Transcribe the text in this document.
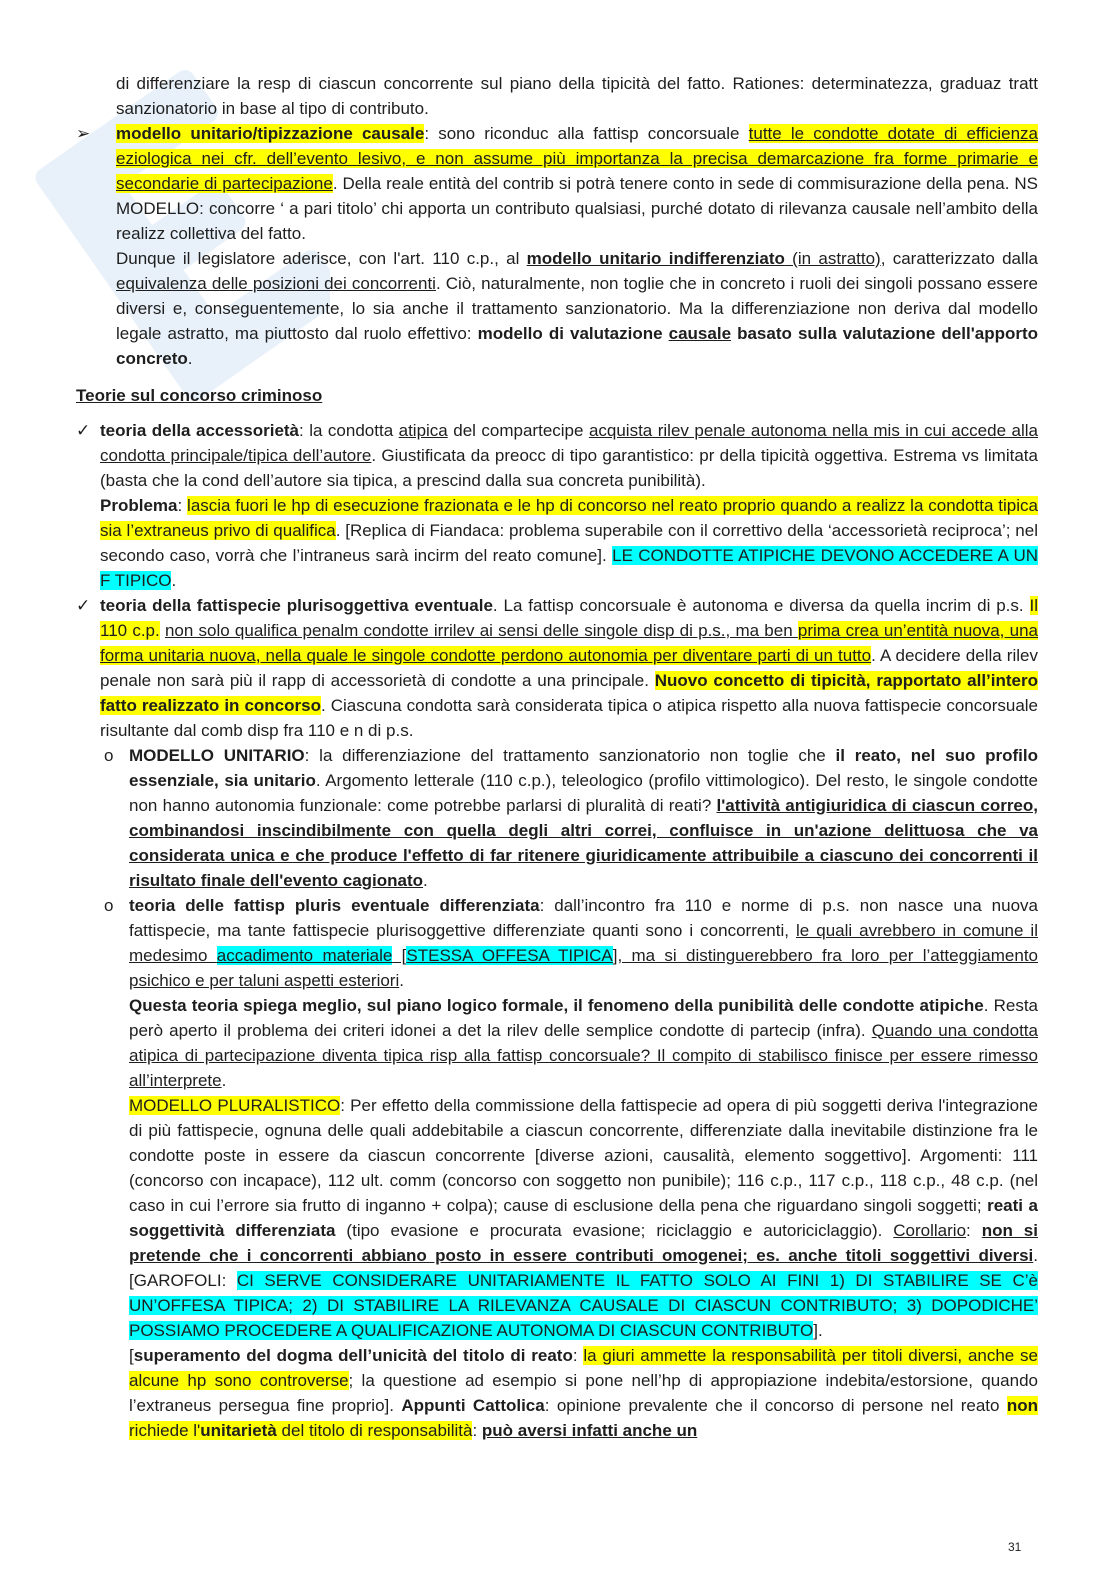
di differenziare la resp di ciascun concorrente sul piano della tipicità del fatto. Rationes: determinatezza, graduaz tratt sanzionatorio in base al tipo di contributo.

➢	modello unitario/tipizzazione causale: sono riconduc alla fattisp concorsuale tutte le condotte dotate di efficienza eziologica nei cfr. dell’evento lesivo, e non assume più importanza la precisa demarcazione fra forme primarie e secondarie di partecipazione. Della reale entità del contrib si potrà tenere conto in sede di commisurazione della pena. NS MODELLO: concorre ‘ a pari titolo’ chi apporta un contributo qualsiasi, purché dotato di rilevanza causale nell’ambito della realizz collettiva del fatto.

Dunque il legislatore aderisce, con l'art. 110 c.p., al modello unitario indifferenziato (in astratto), caratterizzato dalla equivalenza delle posizioni dei concorrenti. Ciò, naturalmente, non toglie che in concreto i ruoli dei singoli possano essere diversi e, conseguentemente, lo sia anche il trattamento sanzionatorio. Ma la differenziazione non deriva dal modello legale astratto, ma piuttosto dal ruolo effettivo: modello di valutazione causale basato sulla valutazione dell'apporto concreto.

Teorie sul concorso criminoso

✓ teoria della accessorietà: la condotta atipica del compartecipe acquista rilev penale autonoma nella mis in cui accede alla condotta principale/tipica dell’autore. Giustificata da preocc di tipo garantistico: pr della tipicità oggettiva. Estrema vs limitata (basta che la cond dell’autore sia tipica, a prescind dalla sua concreta punibilità).
Problema: lascia fuori le hp di esecuzione frazionata e le hp di concorso nel reato proprio quando a realizz la condotta tipica sia l’extraneus privo di qualifica. [Replica di Fiandaca: problema superabile con il correttivo della ‘accessorietà reciproca’; nel secondo caso, vorrà che l’intraneus sarà incirm del reato comune]. LE CONDOTTE ATIPICHE DEVONO ACCEDERE A UN F TIPICO.

✓ teoria della fattispecie plurisoggettiva eventuale. La fattisp concorsuale è autonoma e diversa da quella incrim di p.s. Il 110 c.p. non solo qualifica penalm condotte irrilev ai sensi delle singole disp di p.s., ma ben prima crea un’entità nuova, una forma unitaria nuova, nella quale le singole condotte perdono autonomia per diventare parti di un tutto. A decidere della rilev penale non sarà più il rapp di accessorietà di condotte a una principale. Nuovo concetto di tipicità, rapportato all’intero fatto realizzato in concorso. Ciascuna condotta sarà considerata tipica o atipica rispetto alla nuova fattispecie concorsuale risultante dal comb disp fra 110 e n di p.s.

o MODELLO UNITARIO: la differenziazione del trattamento sanzionatorio non toglie che il reato, nel suo profilo essenziale, sia unitario. Argomento letterale (110 c.p.), teleologico (profilo vittimologico). Del resto, le singole condotte non hanno autonomia funzionale: come potrebbe parlarsi di pluralità di reati? l'attività antigiuridica di ciascun correo, combinandosi inscindibilmente con quella degli altri correi, confluisce in un'azione delittuosa che va considerata unica e che produce l'effetto di far ritenere giuridicamente attribuibile a ciascuno dei concorrenti il risultato finale dell'evento cagionato.

o teoria delle fattisp pluris eventuale differenziata: dall’incontro fra 110 e norme di p.s. non nasce una nuova fattispecie, ma tante fattispecie plurisoggettive differenziate quanti sono i concorrenti, le quali avrebbero in comune il medesimo accadimento materiale [STESSA OFFESA TIPICA], ma si distinguerebbero fra loro per l’atteggiamento psichico e per taluni aspetti esteriori.

Questa teoria spiega meglio, sul piano logico formale, il fenomeno della punibilità delle condotte atipiche. Resta però aperto il problema dei criteri idonei a det la rilev delle semplice condotte di partecip (infra). Quando una condotta atipica di partecipazione diventa tipica risp alla fattisp concorsuale? Il compito di stabilisco finisce per essere rimesso all’interprete.

MODELLO PLURALISTICO: Per effetto della commissione della fattispecie ad opera di più soggetti deriva l'integrazione di più fattispecie, ognuna delle quali addebitabile a ciascun concorrente, differenziate dalla inevitabile distinzione fra le condotte poste in essere da ciascun concorrente [diverse azioni, causalità, elemento soggettivo]. Argomenti: 111 (concorso con incapace), 112 ult. comm (concorso con soggetto non punibile); 116 c.p., 117 c.p., 118 c.p., 48 c.p. (nel caso in cui l’errore sia frutto di inganno + colpa); cause di esclusione della pena che riguardano singoli soggetti; reati a soggettività differenziata (tipo evasione e procurata evasione; riciclaggio e autoriciclaggio). Corollario: non si pretende che i concorrenti abbiano posto in essere contributi omogenei; es. anche titoli soggettivi diversi. [GAROFOLI: CI SERVE CONSIDERARE UNITARIAMENTE IL FATTO SOLO AI FINI 1) DI STABILIRE SE C’è UN’OFFESA TIPICA; 2) DI STABILIRE LA RILEVANZA CAUSALE DI CIASCUN CONTRIBUTO; 3) DOPODICHE’ POSSIAMO PROCEDERE A QUALIFICAZIONE AUTONOMA DI CIASCUN CONTRIBUTO].

[superamento del dogma dell’unicità del titolo di reato: la giuri ammette la responsabilità per titoli diversi, anche se alcune hp sono controverse; la questione ad esempio si pone nell’hp di appropiazione indebita/estorsione, quando l’extraneus persegua fine proprio]. Appunti Cattolica: opinione prevalente che il concorso di persone nel reato non richiede l'unitarietà del titolo di responsabilità: può aversi infatti anche un

31
